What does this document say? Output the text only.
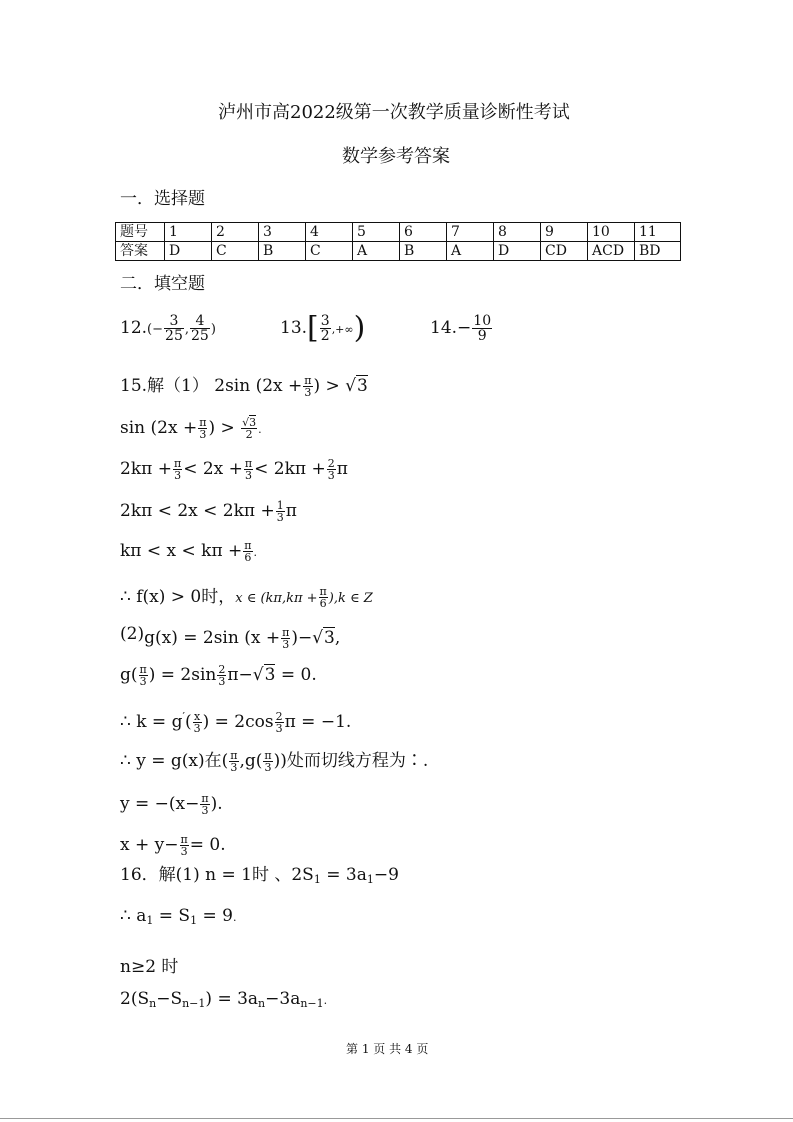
泸州市高2022级第一次教学质量诊断性考试
数学参考答案
一．选择题
题号	1	2	3	4	5	6	7	8	9	10	11
答案	D	C	B	C	A	B	A	D	CD	ACD	BD
二．填空题
$12.(- \frac{3}{25}$ , $\frac{4}{25}$ )	$13.[ \frac{3}{2}$ ,+∞)	$14.- \frac{10}{9}$
15.解（1） 2sin ($2x + \frac{\pi}{3}$ ) > √3
$\sin (2x + \frac{\pi}{3}$ ) > $\frac{√3}{2}$ .
$2k\pi + \frac{\pi}{3} < 2x + \frac{\pi}{3} < 2k\pi + \frac{2}{3}$ π
$2k\pi < 2x < 2k\pi + \frac{1}{3}$ π
$k\pi < x < k\pi + \frac{\pi}{6}$ .
∴ f(x) > 0时，x ∈ $(k\pi,k\pi + \frac{\pi}{6} ),k$ ∈ Z
(2)g(x) = 2sin $(x + \frac{\pi}{3} )-√3$,
$g( \frac{\pi}{3}$ ) = $2\sin \frac{2}{3} \pi-√3 = 0$.
∴ $k = g'( \frac{x}{3}$ ) = $2\cos \frac{2}{3}$ π = −1.
∴ y = g(x)在( $\frac{\pi}{3} ,g( \frac{\pi}{3}$ ))处而切线方程为∶.
$y = -(x- \frac{\pi}{3}$ ).
$x + y- \frac{\pi}{3} = 0$.
16．解(1) n = 1时 、$2S_1 = 3a_1-9$
∴ $a_1 = S_1 = 9$.
n≥2 时
$2(S_n-S_{n-1}) = 3a_n-3a_{n-1}$.
第 1 页 共 4 页
